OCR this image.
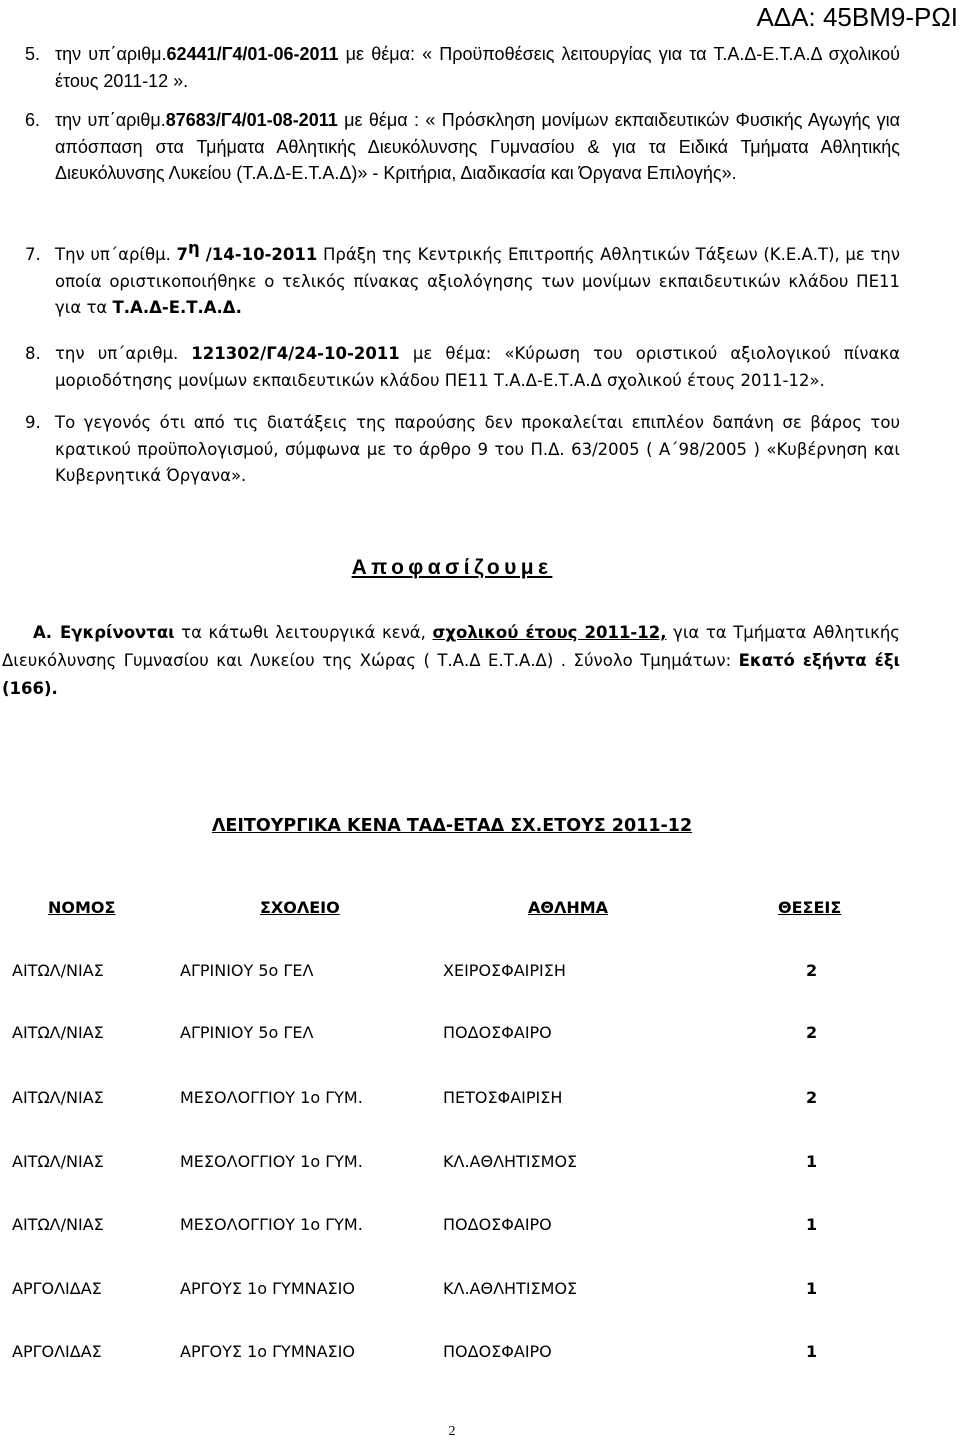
ΑΔΑ: 45ΒΜ9-ΡΩΙ
5. την υπ΄αριθμ.62441/Γ4/01-06-2011 με θέμα: « Προϋποθέσεις λειτουργίας για τα Τ.Α.Δ-Ε.Τ.Α.Δ σχολικού έτους 2011-12 ».
6. την υπ΄αριθμ.87683/Γ4/01-08-2011 με θέμα : « Πρόσκληση μονίμων εκπαιδευτικών Φυσικής Αγωγής για απόσπαση στα Τμήματα Αθλητικής Διευκόλυνσης Γυμνασίου & για τα Ειδικά Τμήματα Αθλητικής Διευκόλυνσης Λυκείου (Τ.Α.Δ-Ε.Τ.Α.Δ)» - Κριτήρια, Διαδικασία και Όργανα Επιλογής».
7. Την υπ΄αρίθμ. $7^\eta$ /14-10-2011 Πράξη της Κεντρικής Επιτροπής Αθλητικών Τάξεων (Κ.Ε.Α.Τ), με την οποία οριστικοποιήθηκε ο τελικός πίνακας αξιολόγησης των μονίμων εκπαιδευτικών κλάδου ΠΕ11 για τα Τ.Α.Δ-Ε.Τ.Α.Δ.
8. την υπ΄αριθμ. 121302/Γ4/24-10-2011 με θέμα: «Κύρωση του οριστικού αξιολογικού πίνακα μοριοδότησης μονίμων εκπαιδευτικών κλάδου ΠΕ11 Τ.Α.Δ-Ε.Τ.Α.Δ σχολικού έτους 2011-12».
9. Το γεγονός ότι από τις διατάξεις της παρούσης δεν προκαλείται επιπλέον δαπάνη σε βάρος του κρατικού προϋπολογισμού, σύμφωνα με το άρθρο 9 του Π.Δ. 63/2005 ( Α΄98/2005 ) «Κυβέρνηση και Κυβερνητικά Όργανα».
Αποφασίζουμε
Α. Εγκρίνονται τα κάτωθι λειτουργικά κενά, σχολικού έτους 2011-12, για τα Τμήματα Αθλητικής Διευκόλυνσης Γυμνασίου και Λυκείου της Χώρας ( Τ.Α.Δ Ε.Τ.Α.Δ) . Σύνολο Τμημάτων: Εκατό εξήντα έξι (166).
ΛΕΙΤΟΥΡΓΙΚΑ ΚΕΝΑ ΤΑΔ-ΕΤΑΔ ΣΧ.ΕΤΟΥΣ 2011-12
ΝΟΜΟΣ	ΣΧΟΛΕΙΟ	ΑΘΛΗΜΑ	ΘΕΣΕΙΣ
ΑΙΤΩΛ/ΝΙΑΣ	ΑΓΡΙΝΙΟΥ 5ο ΓΕΛ	ΧΕΙΡΟΣΦΑΙΡΙΣΗ	2
ΑΙΤΩΛ/ΝΙΑΣ	ΑΓΡΙΝΙΟΥ 5ο ΓΕΛ	ΠΟΔΟΣΦΑΙΡΟ	2
ΑΙΤΩΛ/ΝΙΑΣ	ΜΕΣΟΛΟΓΓΙΟΥ 1ο ΓΥΜ.	ΠΕΤΟΣΦΑΙΡΙΣΗ	2
ΑΙΤΩΛ/ΝΙΑΣ	ΜΕΣΟΛΟΓΓΙΟΥ 1ο ΓΥΜ.	ΚΛ.ΑΘΛΗΤΙΣΜΟΣ	1
ΑΙΤΩΛ/ΝΙΑΣ	ΜΕΣΟΛΟΓΓΙΟΥ 1ο ΓΥΜ.	ΠΟΔΟΣΦΑΙΡΟ	1
ΑΡΓΟΛΙΔΑΣ	ΑΡΓΟΥΣ 1ο ΓΥΜΝΑΣΙΟ	ΚΛ.ΑΘΛΗΤΙΣΜΟΣ	1
ΑΡΓΟΛΙΔΑΣ	ΑΡΓΟΥΣ 1ο ΓΥΜΝΑΣΙΟ	ΠΟΔΟΣΦΑΙΡΟ	1
2
